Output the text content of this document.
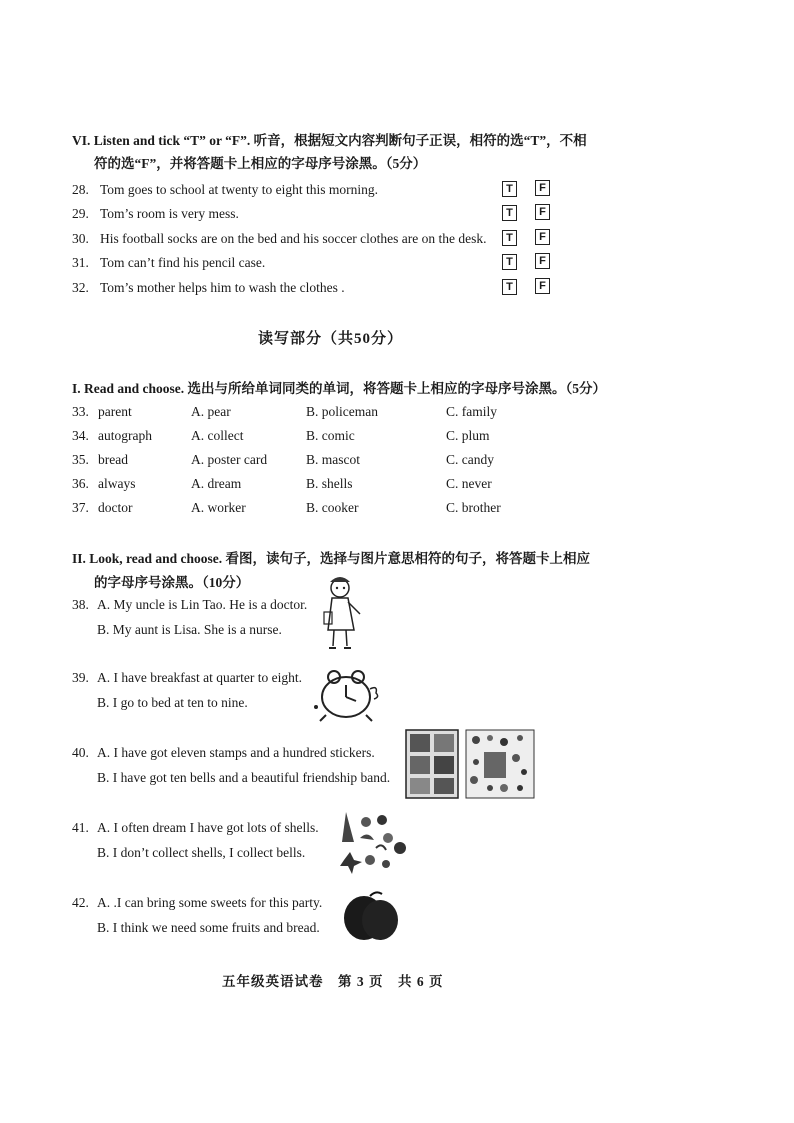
VI. Listen and tick “T” or “F”. 听音，根据短文内容判断句子正误，相符的选“T”，不相
符的选“F”，并将答题卡上相应的字母序号涂黑。（5分）
28. Tom goes to school at twenty to eight this morning.	T	F
29. Tom’s room is very mess.	T	F
30. His football socks are on the bed and his soccer clothes are on the desk.	T	F
31. Tom can’t find his pencil case.	T	F
32. Tom’s mother helps him to wash the clothes .	T	F
读写部分（共50分）
I. Read and choose. 选出与所给单词同类的单词，将答题卡上相应的字母序号涂黑。（5分）
33. parent	A. pear	B. policeman	C. family
34. autograph	A. collect	B. comic	C. plum
35. bread	A. poster card	B. mascot	C. candy
36. always	A. dream	B. shells	C. never
37. doctor	A. worker	B. cooker	C. brother
II. Look, read and choose. 看图，读句子，选择与图片意思相符的句子，将答题卡上相应
的字母序号涂黑。（10分）
38. A. My uncle is Lin Tao. He is a doctor.
B. My aunt is Lisa. She is a nurse.
39. A. I have breakfast at quarter to eight.
B. I go to bed at ten to nine.
40. A. I have got eleven stamps and a hundred stickers.
B. I have got ten bells and a beautiful friendship band.
41. A. I often dream I have got lots of shells.
B. I don’t collect shells, I collect bells.
42. A. .I can bring some sweets for this party.
B. I think we need some fruits and bread.
五年级英语试卷　第 3 页　共 6 页
